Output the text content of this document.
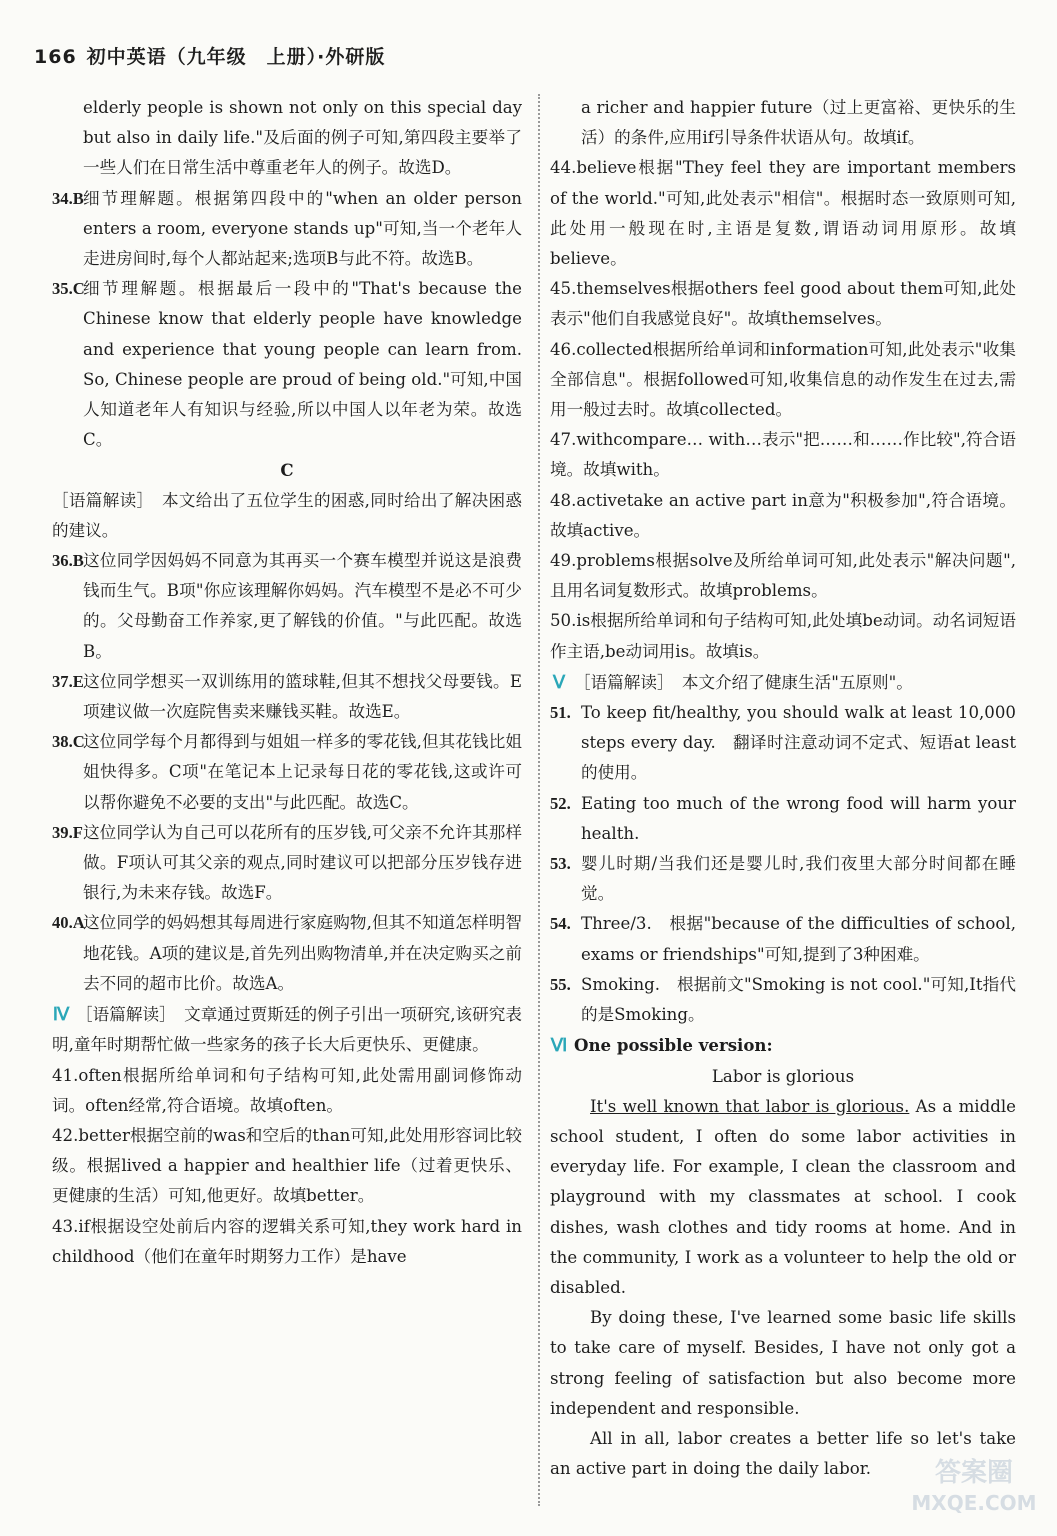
166 初中英语（九年级　上册）·外研版
elderly people is shown not only on this special day but also in daily life."及后面的例子可知,第四段主要举了一些人们在日常生活中尊重老年人的例子。故选D。
34.B 细节理解题。根据第四段中的"when an older person enters a room, everyone stands up"可知,当一个老年人走进房间时,每个人都站起来;选项B与此不符。故选B。
35.C
细节理解题。根据最后一段中的"That's because the Chinese know that elderly people have knowledge and experience that young people can learn from. So, Chinese people are proud of being old."可知,中国人知道老年人有知识与经验,所以中国人以年老为荣。故选C。
C
［语篇解读］　本文给出了五位学生的困惑,同时给出了解决困惑的建议。
36.B 这位同学因妈妈不同意为其再买一个赛车模型并说这是浪费钱而生气。B项"你应该理解你妈妈。汽车模型不是必不可少的。父母勤奋工作养家,更了解钱的价值。"与此匹配。故选B。
37.E 这位同学想买一双训练用的篮球鞋,但其不想找父母要钱。E项建议做一次庭院售卖来赚钱买鞋。故选E。
38.C
这位同学每个月都得到与姐姐一样多的零花钱,但其花钱比姐姐快得多。C项"在笔记本上记录每日花的零花钱,这或许可以帮你避免不必要的支出"与此匹配。故选C。
39.F 这位同学认为自己可以花所有的压岁钱,可父亲不允许其那样做。F项认可其父亲的观点,同时建议可以把部分压岁钱存进银行,为未来存钱。故选F。
40.A
这位同学的妈妈想其每周进行家庭购物,但其不知道怎样明智地花钱。A项的建议是,首先列出购物清单,并在决定购买之前去不同的超市比价。故选A。
Ⅳ ［语篇解读］　文章通过贾斯廷的例子引出一项研究,该研究表明,童年时期帮忙做一些家务的孩子长大后更快乐、更健康。
41.often根据所给单词和句子结构可知,此处需用副词修饰动词。often经常,符合语境。故填often。
42.better根据空前的was和空后的than可知,此处用形容词比较级。根据lived a happier and healthier life（过着更快乐、更健康的生活）可知,他更好。故填better。
43.if根据设空处前后内容的逻辑关系可知,they work hard in childhood（他们在童年时期努力工作）是have
a richer and happier future（过上更富裕、更快乐的生活）的条件,应用if引导条件状语从句。故填if。
44.believe根据"They feel they are important members of the world."可知,此处表示"相信"。根据时态一致原则可知,此处用一般现在时,主语是复数,谓语动词用原形。故填believe。
45.themselves根据others feel good about them可知,此处表示"他们自我感觉良好"。故填themselves。
46.collected根据所给单词和information可知,此处表示"收集全部信息"。根据followed可知,收集信息的动作发生在过去,需用一般过去时。故填collected。
47.withcompare… with…表示"把……和……作比较",符合语境。故填with。
48.activetake an active part in意为"积极参加",符合语境。故填active。
49.problems根据solve及所给单词可知,此处表示"解决问题",且用名词复数形式。故填problems。
50.is根据所给单词和句子结构可知,此处填be动词。动名词短语作主语,be动词用is。故填is。
Ⅴ ［语篇解读］　本文介绍了健康生活"五原则"。
51. To keep fit/healthy, you should walk at least 10,000 steps every day.　翻译时注意动词不定式、短语at least的使用。
52. Eating too much of the wrong food will harm your health.
53. 婴儿时期/当我们还是婴儿时,我们夜里大部分时间都在睡觉。
54. Three/3.　根据"because of the difficulties of school, exams or friendships"可知,提到了3种困难。
55. Smoking.　根据前文"Smoking is not cool."可知,It指代的是Smoking。
Ⅵ One possible version:
Labor is glorious

It's well known that labor is glorious. As a middle school student, I often do some labor activities in everyday life. For example, I clean the classroom and playground with my classmates at school. I cook dishes, wash clothes and tidy rooms at home. And in the community, I work as a volunteer to help the old or disabled.

By doing these, I've learned some basic life skills to take care of myself. Besides, I have not only got a strong feeling of satisfaction but also become more independent and responsible.

All in all, labor creates a better life so let's take an active part in doing the daily labor.	答案圈
MXQE.COM
